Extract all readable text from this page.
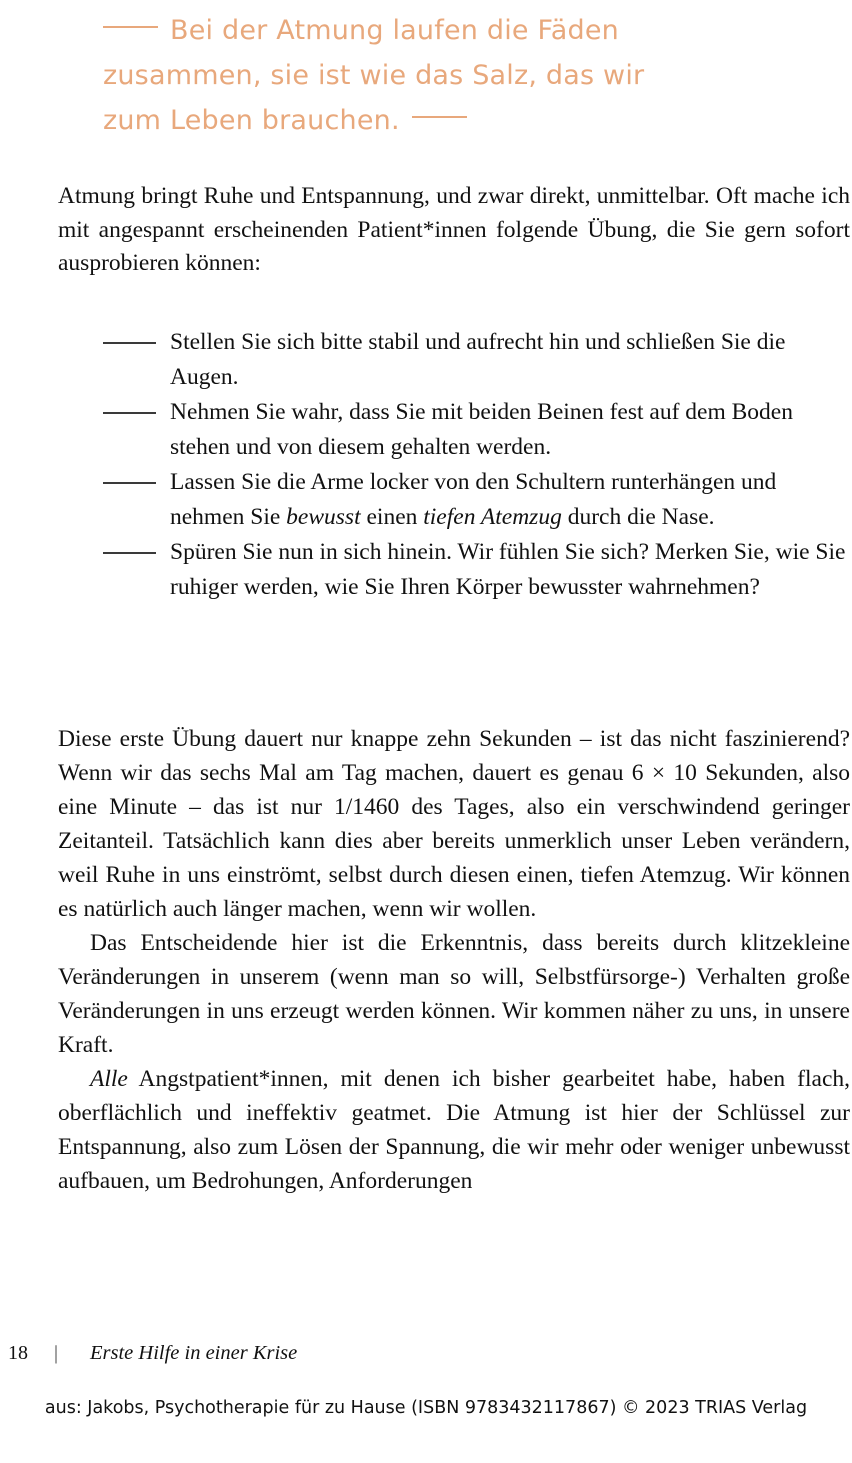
Bei der Atmung laufen die Fäden
zusammen, sie ist wie das Salz, das wir
zum Leben brauchen.

Atmung bringt Ruhe und Entspannung, und zwar direkt, unmittelbar. Oft mache ich mit angespannt erscheinenden Patient*innen folgende Übung, die Sie gern sofort ausprobieren können:

Stellen Sie sich bitte stabil und aufrecht hin und schließen Sie die Augen.
Nehmen Sie wahr, dass Sie mit beiden Beinen fest auf dem Boden stehen und von diesem gehalten werden.
Lassen Sie die Arme locker von den Schultern runterhängen und nehmen Sie bewusst einen tiefen Atemzug durch die Nase.
Spüren Sie nun in sich hinein. Wir fühlen Sie sich? Merken Sie, wie Sie ruhiger werden, wie Sie Ihren Körper bewusster wahrnehmen?

Diese erste Übung dauert nur knappe zehn Sekunden – ist das nicht faszinierend? Wenn wir das sechs Mal am Tag machen, dauert es genau 6 × 10 Sekunden, also eine Minute – das ist nur 1/1460 des Tages, also ein verschwindend geringer Zeitanteil. Tatsächlich kann dies aber bereits unmerklich unser Leben verändern, weil Ruhe in uns einströmt, selbst durch diesen einen, tiefen Atemzug. Wir können es natürlich auch länger machen, wenn wir wollen.

Das Entscheidende hier ist die Erkenntnis, dass bereits durch klitzekleine Veränderungen in unserem (wenn man so will, Selbstfürsorge-) Verhalten große Veränderungen in uns erzeugt werden können. Wir kommen näher zu uns, in unsere Kraft.

Alle Angstpatient*innen, mit denen ich bisher gearbeitet habe, haben flach, oberflächlich und ineffektiv geatmet. Die Atmung ist hier der Schlüssel zur Entspannung, also zum Lösen der Spannung, die wir mehr oder weniger unbewusst aufbauen, um Bedrohungen, Anforderungen

18	|	Erste Hilfe in einer Krise
aus: Jakobs, Psychotherapie für zu Hause (ISBN 9783432117867) © 2023 TRIAS Verlag
